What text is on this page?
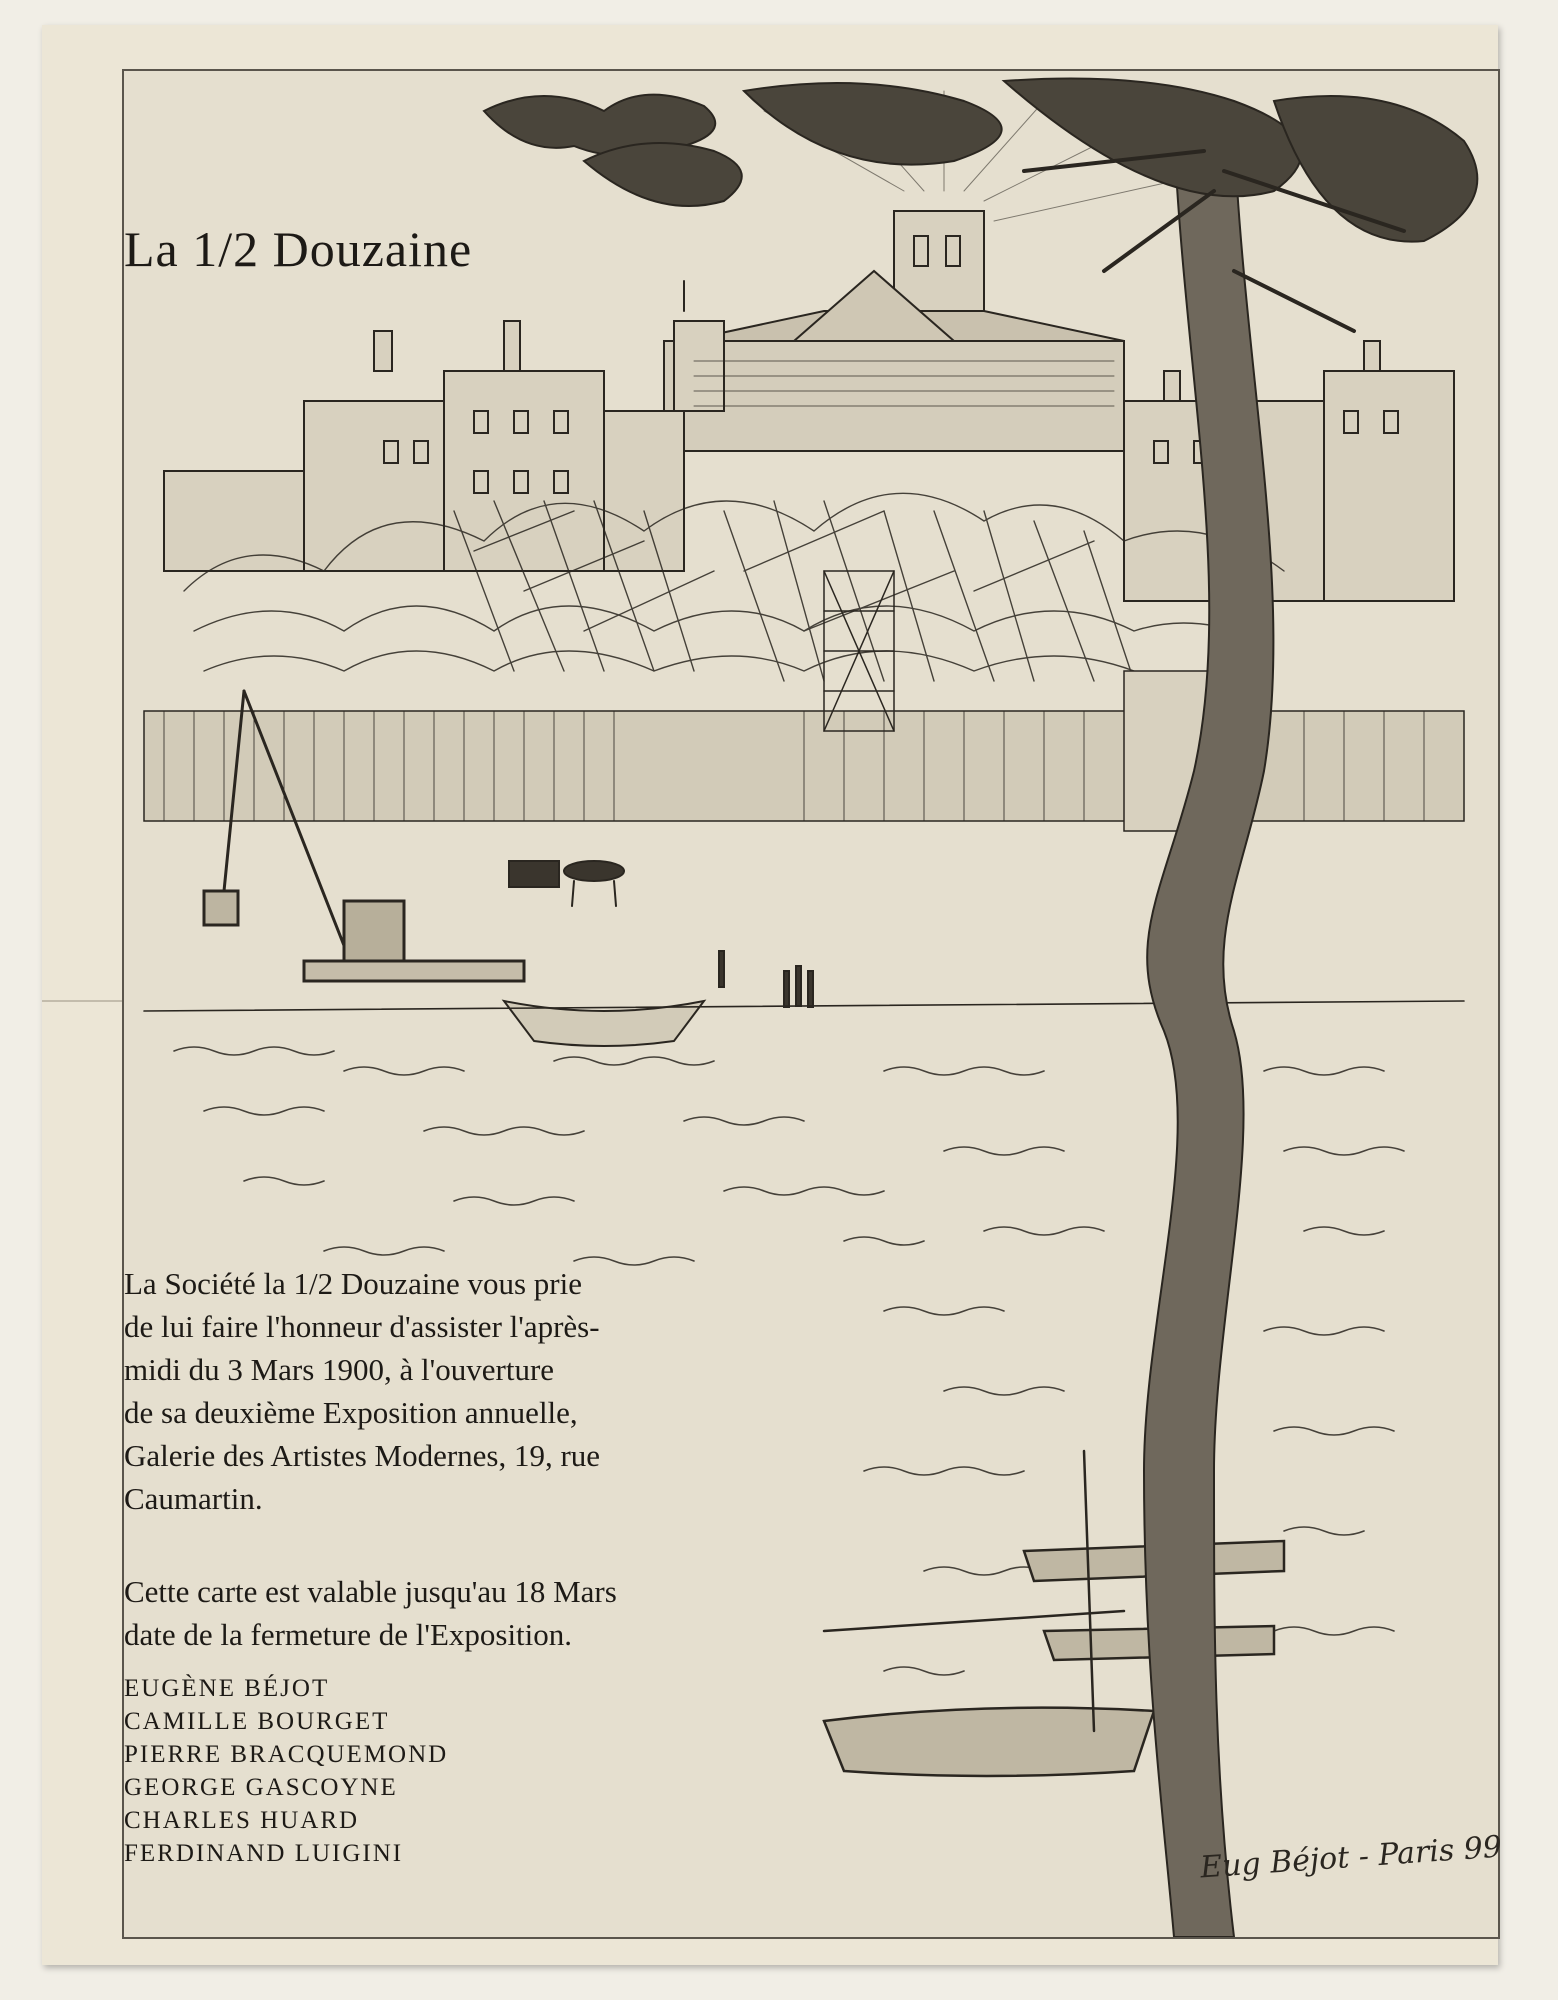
La 1/2 Douzaine
La Société la 1/2 Douzaine vous prie
de lui faire l'honneur d'assister l'après-
midi du 3 Mars 1900, à l'ouverture
de sa deuxième Exposition annuelle,
Galerie des Artistes Modernes, 19, rue
Caumartin.
Cette carte est valable jusqu'au 18 Mars
date de la fermeture de l'Exposition.
EUGÈNE BÉJOT
CAMILLE BOURGET
PIERRE BRACQUEMOND
GEORGE GASCOYNE
CHARLES HUARD
FERDINAND LUIGINI	Eug Béjot - Paris 99
